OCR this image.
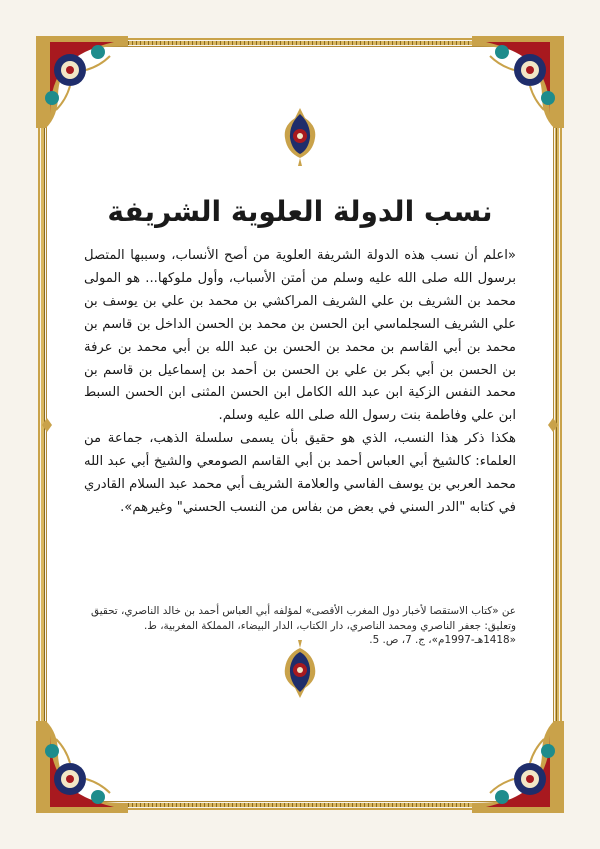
نسب الدولة العلوية الشريفة

«اعلم أن نسب هذه الدولة الشريفة العلوية من أصح الأنساب، وسببها المتصل برسول الله صلى الله عليه وسلم من أمتن الأسباب، وأول ملوكها... هو المولى محمد بن الشريف بن علي الشريف المراكشي بن محمد بن علي بن يوسف بن علي الشريف السجلماسي ابن الحسن بن محمد بن الحسن الداخل بن قاسم بن محمد بن أبي القاسم بن محمد بن الحسن بن عبد الله بن أبي محمد بن عرفة بن الحسن بن أبي بكر بن علي بن الحسن بن أحمد بن إسماعيل بن قاسم بن محمد النفس الزكية ابن عبد الله الكامل ابن الحسن المثنى ابن الحسن السبط ابن علي وفاطمة بنت رسول الله صلى الله عليه وسلم.

هكذا ذكر هذا النسب، الذي هو حقيق بأن يسمى سلسلة الذهب، جماعة من العلماء: كالشيخ أبي العباس أحمد بن أبي القاسم الصومعي والشيخ أبي عبد الله محمد العربي بن يوسف الفاسي والعلامة الشريف أبي محمد عبد السلام القادري في كتابه "الدر السني في بعض من بفاس من النسب الحسني" وغيرهم».

عن «كتاب الاستقصا لأخبار دول المغرب الأقصى» لمؤلفه أبي العباس أحمد بن خالد الناصري، تحقيق وتعليق: جعفر الناصري ومحمد الناصري، دار الكتاب، الدار البيضاء، المملكة المغربية، ط. «1418هـ-1997م»، ج. 7، ص. 5.
